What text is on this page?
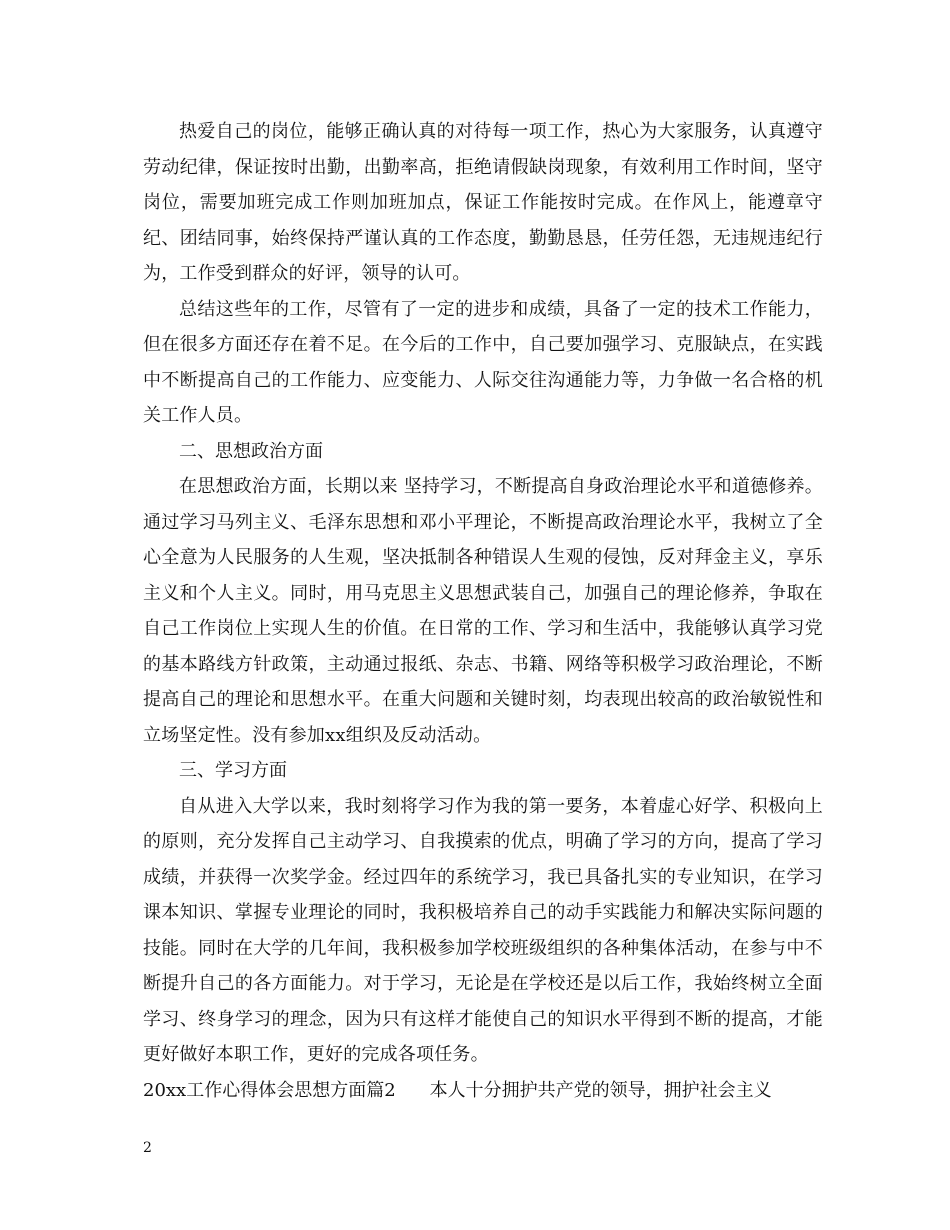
热爱自己的岗位，能够正确认真的对待每一项工作，热心为大家服务，认真遵守劳动纪律，保证按时出勤，出勤率高，拒绝请假缺岗现象，有效利用工作时间，坚守岗位，需要加班完成工作则加班加点，保证工作能按时完成。在作风上，能遵章守纪、团结同事，始终保持严谨认真的工作态度，勤勤恳恳，任劳任怨，无违规违纪行为，工作受到群众的好评，领导的认可。

总结这些年的工作，尽管有了一定的进步和成绩，具备了一定的技术工作能力，但在很多方面还存在着不足。在今后的工作中，自己要加强学习、克服缺点，在实践中不断提高自己的工作能力、应变能力、人际交往沟通能力等，力争做一名合格的机关工作人员。

二、思想政治方面

在思想政治方面，长期以来 坚持学习，不断提高自身政治理论水平和道德修养。通过学习马列主义、毛泽东思想和邓小平理论，不断提高政治理论水平，我树立了全心全意为人民服务的人生观，坚决抵制各种错误人生观的侵蚀，反对拜金主义，享乐主义和个人主义。同时，用马克思主义思想武装自己，加强自己的理论修养，争取在自己工作岗位上实现人生的价值。在日常的工作、学习和生活中，我能够认真学习党的基本路线方针政策，主动通过报纸、杂志、书籍、网络等积极学习政治理论，不断提高自己的理论和思想水平。在重大问题和关键时刻，均表现出较高的政治敏锐性和立场坚定性。没有参加xx组织及反动活动。

三、学习方面

自从进入大学以来，我时刻将学习作为我的第一要务，本着虚心好学、积极向上的原则，充分发挥自己主动学习、自我摸索的优点，明确了学习的方向，提高了学习成绩，并获得一次奖学金。经过四年的系统学习，我已具备扎实的专业知识，在学习课本知识、掌握专业理论的同时，我积极培养自己的动手实践能力和解决实际问题的技能。同时在大学的几年间，我积极参加学校班级组织的各种集体活动，在参与中不断提升自己的各方面能力。对于学习，无论是在学校还是以后工作，我始终树立全面学习、终身学习的理念，因为只有这样才能使自己的知识水平得到不断的提高，才能更好做好本职工作，更好的完成各项任务。

20xx工作心得体会思想方面篇2 本人十分拥护共产党的领导，拥护社会主义

2
